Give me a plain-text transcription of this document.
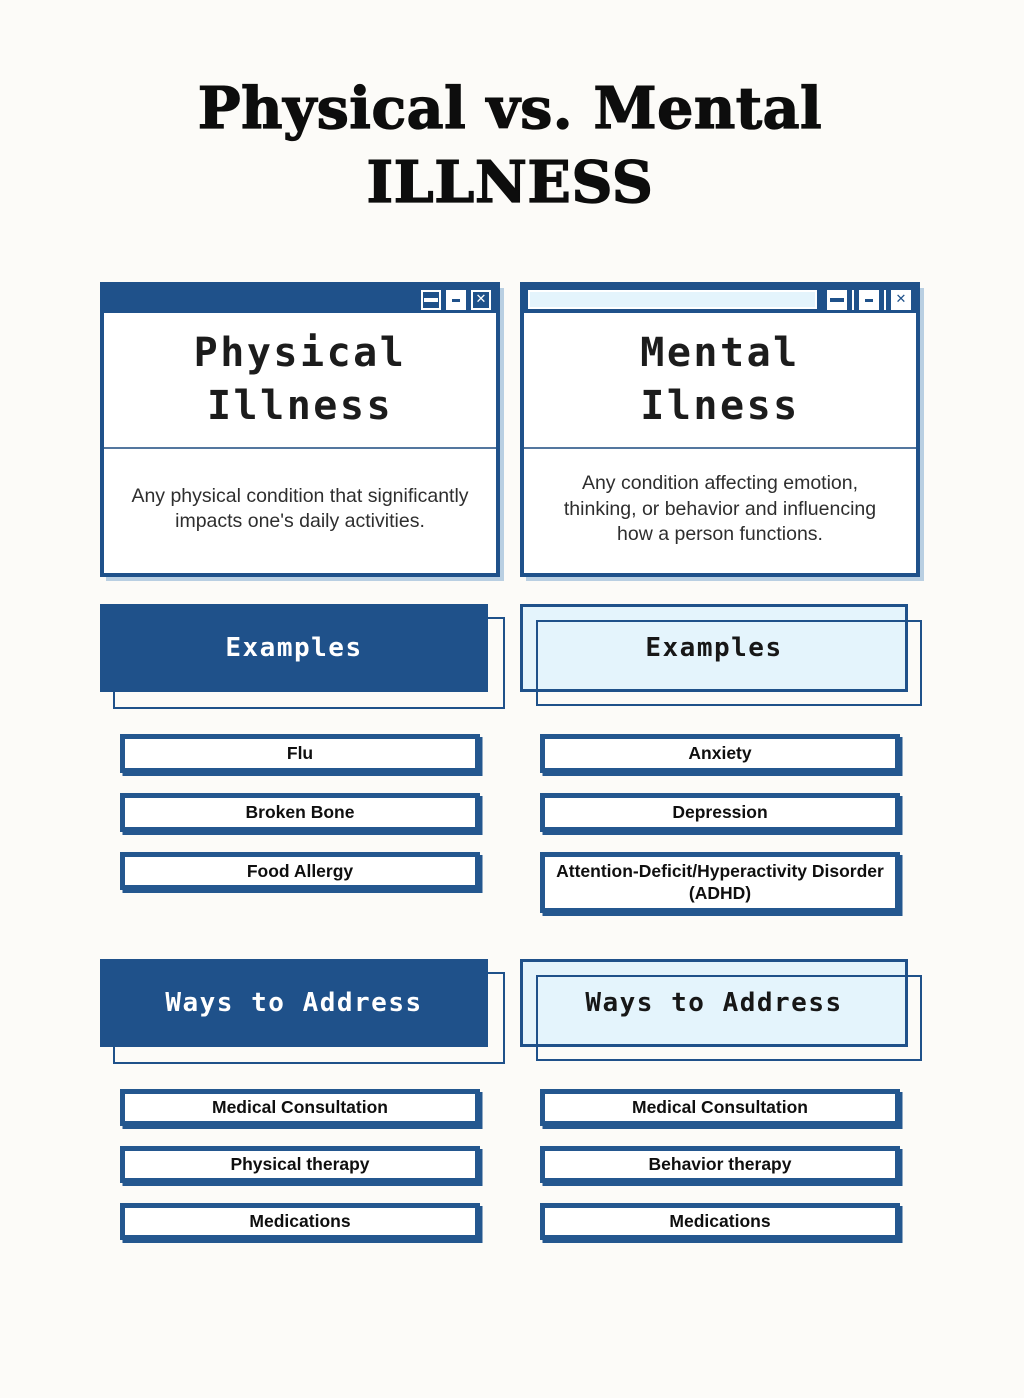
Physical vs. Mental
ILLNESS
✕
Physical
Illness
Any physical condition that significantly impacts one's daily activities.
Examples
Flu
Broken Bone
Food Allergy
Ways to Address
Medical Consultation
Physical therapy
Medications
✕
Mental
Ilness
Any condition affecting emotion, thinking, or behavior and influencing how a person functions.
Examples
Anxiety
Depression
Attention-Deficit/Hyperactivity Disorder (ADHD)
Ways to Address
Medical Consultation
Behavior therapy
Medications
